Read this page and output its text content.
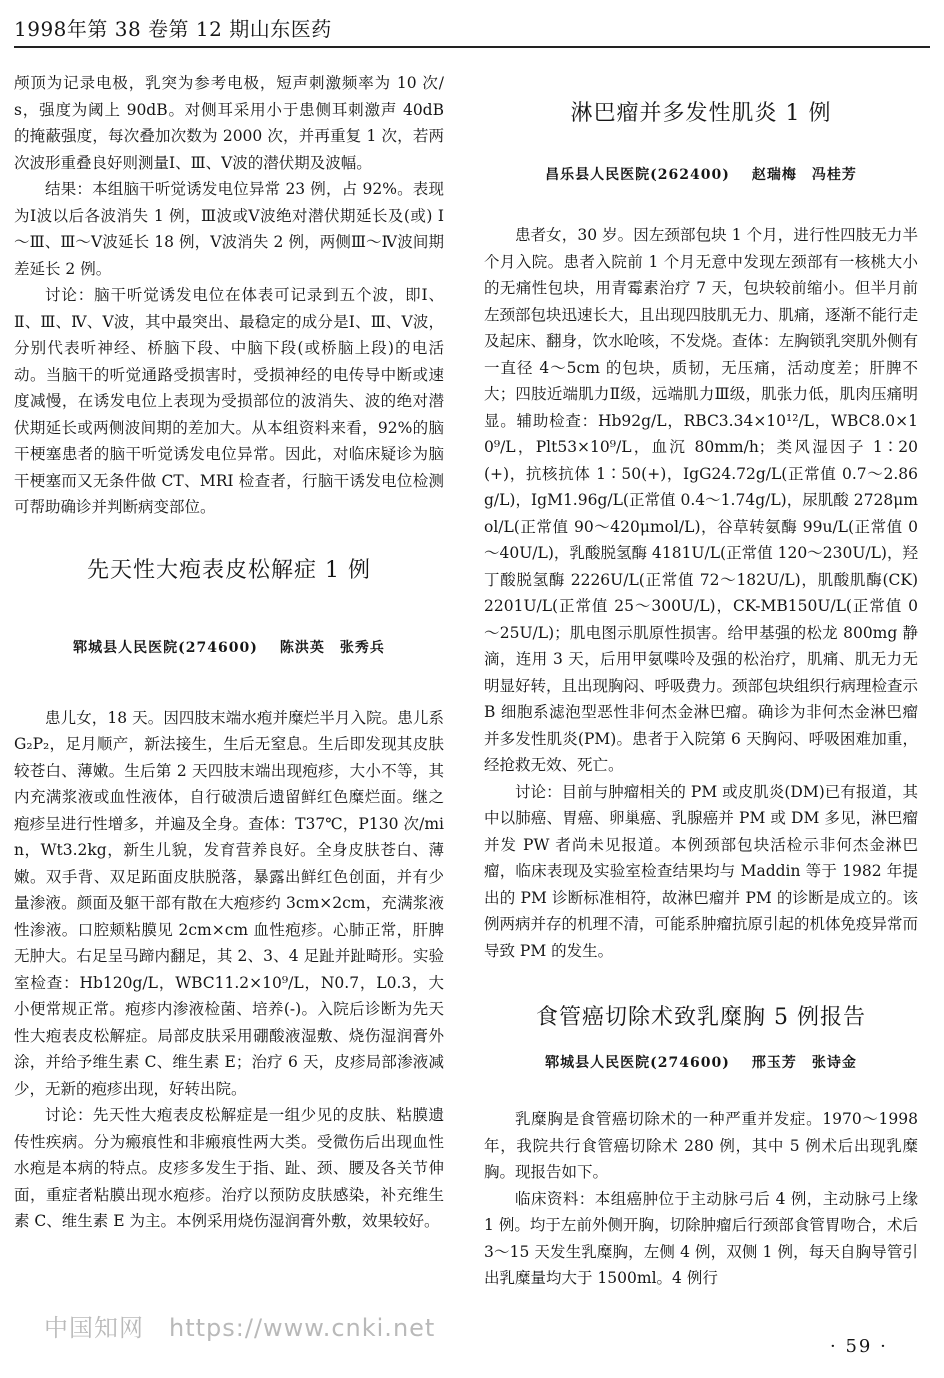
1998年第 38 卷第 12 期山东医药

颅顶为记录电极，乳突为参考电极，短声刺激频率为 10 次/s，强度为阈上 90dB。对侧耳采用小于患侧耳刺激声 40dB 的掩蔽强度，每次叠加次数为 2000 次，并再重复 1 次，若两次波形重叠良好则测量Ⅰ、Ⅲ、Ⅴ波的潜伏期及波幅。

结果：本组脑干听觉诱发电位异常 23 例，占 92%。表现为Ⅰ波以后各波消失 1 例，Ⅲ波或Ⅴ波绝对潜伏期延长及(或) Ⅰ～Ⅲ、Ⅲ～Ⅴ波延长 18 例，Ⅴ波消失 2 例，两侧Ⅲ～Ⅳ波间期差延长 2 例。

讨论：脑干听觉诱发电位在体表可记录到五个波，即Ⅰ、Ⅱ、Ⅲ、Ⅳ、Ⅴ波，其中最突出、最稳定的成分是Ⅰ、Ⅲ、Ⅴ波，分别代表听神经、桥脑下段、中脑下段(或桥脑上段)的电活动。当脑干的听觉通路受损害时，受损神经的电传导中断或速度减慢，在诱发电位上表现为受损部位的波消失、波的绝对潜伏期延长或两侧波间期的差加大。从本组资料来看，92%的脑干梗塞患者的脑干听觉诱发电位异常。因此，对临床疑诊为脑干梗塞而又无条件做 CT、MRI 检查者，行脑干诱发电位检测可帮助确诊并判断病变部位。

先天性大疱表皮松解症 1 例
郓城县人民医院(274600) 陈洪英　张秀兵

患儿女，18 天。因四肢末端水疱并糜烂半月入院。患儿系 G₂P₂，足月顺产，新法接生，生后无窒息。生后即发现其皮肤较苍白、薄嫩。生后第 2 天四肢末端出现疱疹，大小不等，其内充满浆液或血性液体，自行破溃后遗留鲜红色糜烂面。继之疱疹呈进行性增多，并遍及全身。查体：T37℃，P130 次/min，Wt3.2kg，新生儿貌，发育营养良好。全身皮肤苍白、薄嫩。双手背、双足跖面皮肤脱落，暴露出鲜红色创面，并有少量渗液。颜面及躯干部有散在大疱疹约 3cm×2cm，充满浆液性渗液。口腔颊粘膜见 2cm×cm 血性疱疹。心肺正常，肝脾无肿大。右足呈马蹄内翻足，其 2、3、4 足趾并趾畸形。实验室检查：Hb120g/L，WBC11.2×10⁹/L，N0.7，L0.3，大小便常规正常。疱疹内渗液检菌、培养(-)。入院后诊断为先天性大疱表皮松解症。局部皮肤采用硼酸液湿敷、烧伤湿润膏外涂，并给予维生素 C、维生素 E；治疗 6 天，皮疹局部渗液减少，无新的疱疹出现，好转出院。

讨论：先天性大疱表皮松解症是一组少见的皮肤、粘膜遗传性疾病。分为瘢痕性和非瘢痕性两大类。受微伤后出现血性水疱是本病的特点。皮疹多发生于指、趾、颈、腰及各关节伸面，重症者粘膜出现水疱疹。治疗以预防皮肤感染，补充维生素 C、维生素 E 为主。本例采用烧伤湿润膏外敷，效果较好。

淋巴瘤并多发性肌炎 1 例
昌乐县人民医院(262400) 赵瑞梅　冯桂芳

患者女，30 岁。因左颈部包块 1 个月，进行性四肢无力半个月入院。患者入院前 1 个月无意中发现左颈部有一核桃大小的无痛性包块，用青霉素治疗 7 天，包块较前缩小。但半月前左颈部包块迅速长大，且出现四肢肌无力、肌痛，逐渐不能行走及起床、翻身，饮水呛咳，不发烧。查体：左胸锁乳突肌外侧有一直径 4～5cm 的包块，质韧，无压痛，活动度差；肝脾不大；四肢近端肌力Ⅱ级，远端肌力Ⅲ级，肌张力低，肌肉压痛明显。辅助检查：Hb92g/L，RBC3.34×10¹²/L，WBC8.0×10⁹/L，Plt53×10⁹/L，血沉 80mm/h；类风湿因子 1∶20(+)，抗核抗体 1∶50(+)，IgG24.72g/L(正常值 0.7～2.86g/L)，IgM1.96g/L(正常值 0.4～1.74g/L)，尿肌酸 2728μmol/L(正常值 90～420μmol/L)，谷草转氨酶 99u/L(正常值 0～40U/L)，乳酸脱氢酶 4181U/L(正常值 120～230U/L)，羟丁酸脱氢酶 2226U/L(正常值 72～182U/L)，肌酸肌酶(CK) 2201U/L(正常值 25～300U/L)，CK-MB150U/L(正常值 0～25U/L)；肌电图示肌原性损害。给甲基强的松龙 800mg 静滴，连用 3 天，后用甲氨喋呤及强的松治疗，肌痛、肌无力无明显好转，且出现胸闷、呼吸费力。颈部包块组织行病理检查示 B 细胞系滤泡型恶性非何杰金淋巴瘤。确诊为非何杰金淋巴瘤并多发性肌炎(PM)。患者于入院第 6 天胸闷、呼吸困难加重，经抢救无效、死亡。

讨论：目前与肿瘤相关的 PM 或皮肌炎(DM)已有报道，其中以肺癌、胃癌、卵巢癌、乳腺癌并 PM 或 DM 多见，淋巴瘤并发 PW 者尚未见报道。本例颈部包块活检示非何杰金淋巴瘤，临床表现及实验室检查结果均与 Maddin 等于 1982 年提出的 PM 诊断标准相符，故淋巴瘤并 PM 的诊断是成立的。该例两病并存的机理不清，可能系肿瘤抗原引起的机体免疫异常而导致 PM 的发生。

食管癌切除术致乳糜胸 5 例报告
郓城县人民医院(274600) 邢玉芳　张诗金

乳糜胸是食管癌切除术的一种严重并发症。1970～1998 年，我院共行食管癌切除术 280 例，其中 5 例术后出现乳糜胸。现报告如下。

临床资料：本组癌肿位于主动脉弓后 4 例，主动脉弓上缘 1 例。均于左前外侧开胸，切除肿瘤后行颈部食管胃吻合，术后 3～15 天发生乳糜胸，左侧 4 例，双侧 1 例，每天自胸导管引出乳糜量均大于 1500ml。4 例行

中国知网　https://www.cnki.net
· 59 ·
